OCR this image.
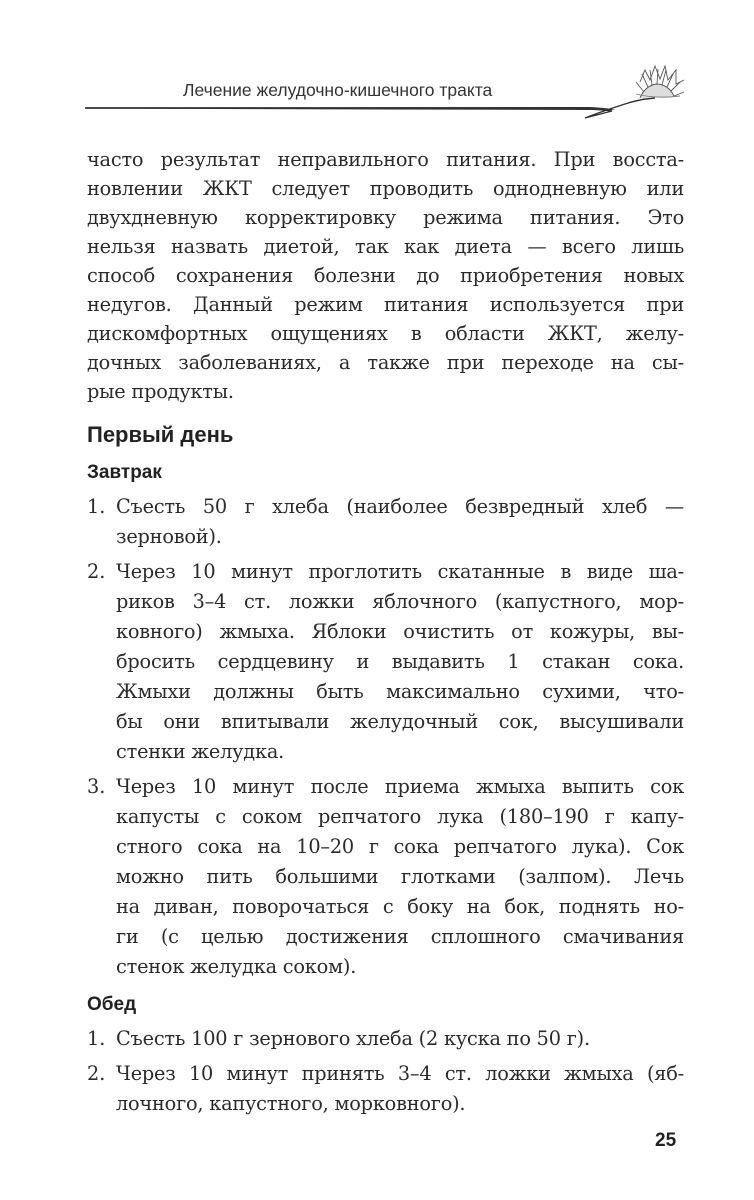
Лечение желудочно-кишечного тракта
часто результат неправильного питания. При восста-
новлении ЖКТ следует проводить однодневную или
двухдневную корректировку режима питания. Это
нельзя назвать диетой, так как диета — всего лишь
способ сохранения болезни до приобретения новых
недугов. Данный режим питания используется при
дискомфортных ощущениях в области ЖКТ, желу-
дочных заболеваниях, а также при переходе на сы-
рые продукты.
Первый день
Завтрак
1. Съесть 50 г хлеба (наиболее безвредный хлеб —
зерновой).
2. Через 10 минут проглотить скатанные в виде ша-
риков 3–4 ст. ложки яблочного (капустного, мор-
ковного) жмыха. Яблоки очистить от кожуры, вы-
бросить сердцевину и выдавить 1 стакан сока.
Жмыхи должны быть максимально сухими, что-
бы они впитывали желудочный сок, высушивали
стенки желудка.
3. Через 10 минут после приема жмыха выпить сок
капусты с соком репчатого лука (180–190 г капу-
стного сока на 10–20 г сока репчатого лука). Сок
можно пить большими глотками (залпом). Лечь
на диван, поворочаться с боку на бок, поднять но-
ги (с целью достижения сплошного смачивания
стенок желудка соком).
Обед
1. Съесть 100 г зернового хлеба (2 куска по 50 г).
2. Через 10 минут принять 3–4 ст. ложки жмыха (яб-
лочного, капустного, морковного).
25
